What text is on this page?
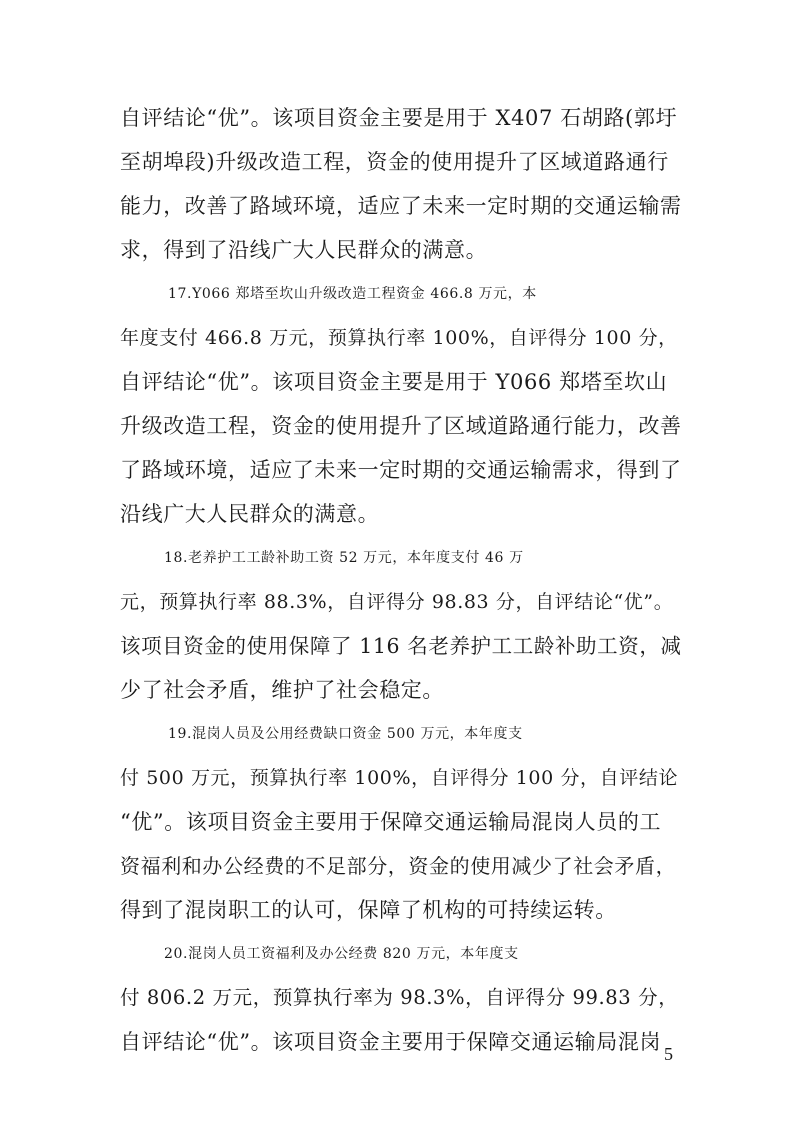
自评结论“优”。该项目资金主要是用于 X407 石胡路(郭圩
至胡埠段)升级改造工程，资金的使用提升了区域道路通行
能力，改善了路域环境，适应了未来一定时期的交通运输需
求，得到了沿线广大人民群众的满意。
17.Y066 郑塔至坎山升级改造工程资金 466.8 万元，本
年度支付 466.8 万元，预算执行率 100%，自评得分 100 分，
自评结论“优”。该项目资金主要是用于 Y066 郑塔至坎山
升级改造工程，资金的使用提升了区域道路通行能力，改善
了路域环境，适应了未来一定时期的交通运输需求，得到了
沿线广大人民群众的满意。
18.老养护工工龄补助工资 52 万元，本年度支付 46 万
元，预算执行率 88.3%，自评得分 98.83 分，自评结论“优”。
该项目资金的使用保障了 116 名老养护工工龄补助工资，减
少了社会矛盾，维护了社会稳定。
19.混岗人员及公用经费缺口资金 500 万元，本年度支
付 500 万元，预算执行率 100%，自评得分 100 分，自评结论
“优”。该项目资金主要用于保障交通运输局混岗人员的工
资福利和办公经费的不足部分，资金的使用减少了社会矛盾，
得到了混岗职工的认可，保障了机构的可持续运转。
20.混岗人员工资福利及办公经费 820 万元，本年度支
付 806.2 万元，预算执行率为 98.3%，自评得分 99.83 分，
自评结论“优”。该项目资金主要用于保障交通运输局混岗 5
